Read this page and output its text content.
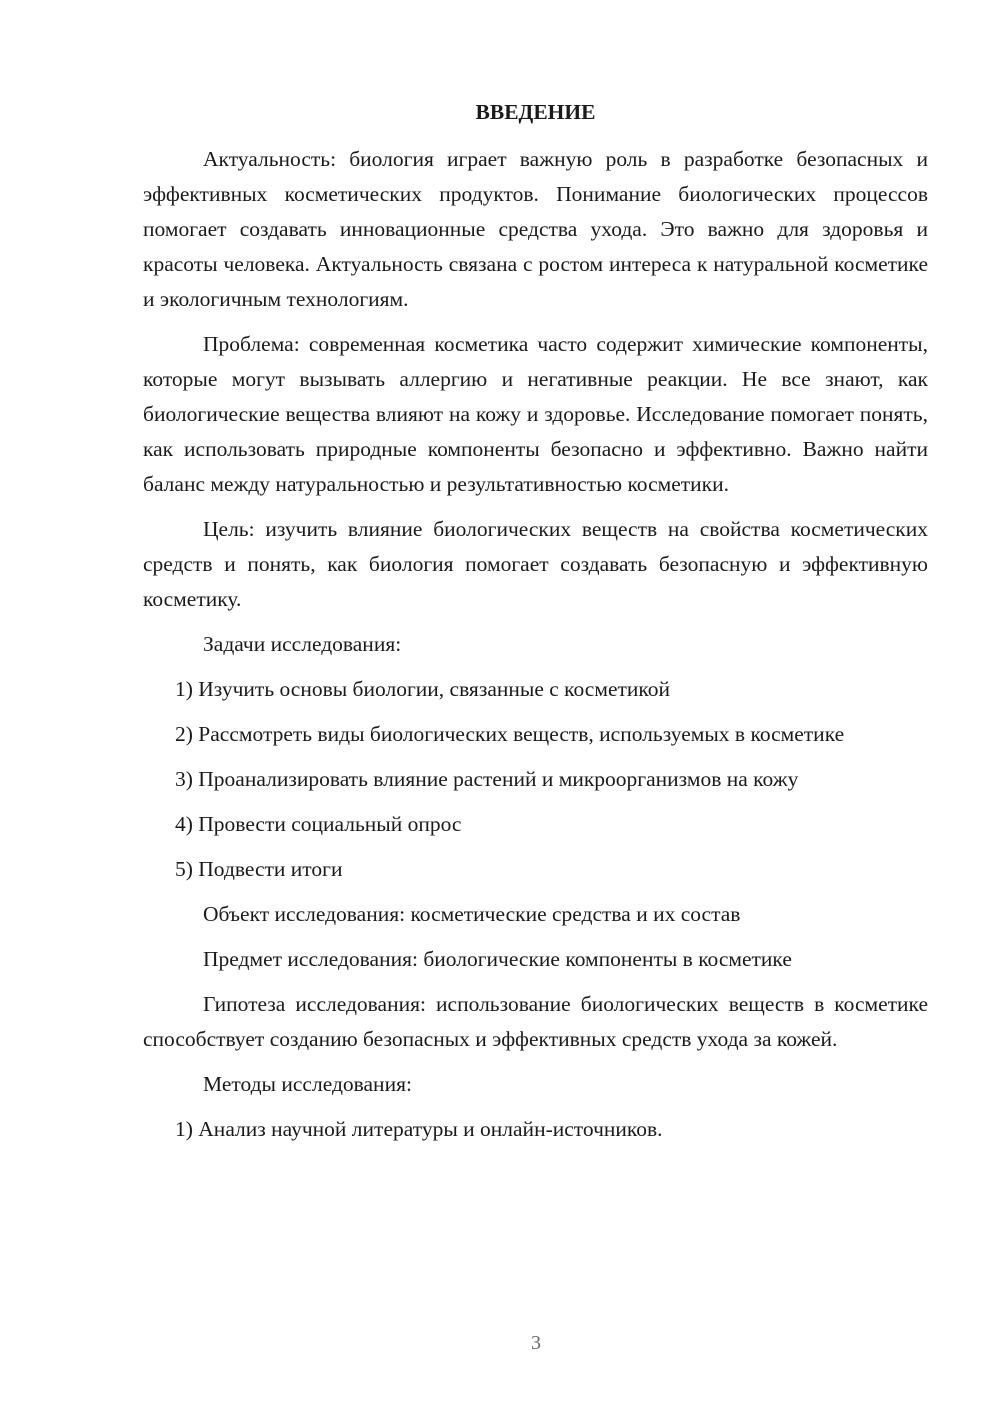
ВВЕДЕНИЕ

Актуальность: биология играет важную роль в разработке безопасных и эффективных косметических продуктов. Понимание биологических процессов помогает создавать инновационные средства ухода. Это важно для здоровья и красоты человека. Актуальность связана с ростом интереса к натуральной косметике и экологичным технологиям.

Проблема: современная косметика часто содержит химические компоненты, которые могут вызывать аллергию и негативные реакции. Не все знают, как биологические вещества влияют на кожу и здоровье. Исследование помогает понять, как использовать природные компоненты безопасно и эффективно. Важно найти баланс между натуральностью и результативностью косметики.

Цель: изучить влияние биологических веществ на свойства косметических средств и понять, как биология помогает создавать безопасную и эффективную косметику.

Задачи исследования:

1) Изучить основы биологии, связанные с косметикой

2) Рассмотреть виды биологических веществ, используемых в косметике

3) Проанализировать влияние растений и микроорганизмов на кожу

4) Провести социальный опрос

5) Подвести итоги

Объект исследования: косметические средства и их состав

Предмет исследования: биологические компоненты в косметике

Гипотеза исследования: использование биологических веществ в косметике способствует созданию безопасных и эффективных средств ухода за кожей.

Методы исследования:

1) Анализ научной литературы и онлайн-источников.

3
